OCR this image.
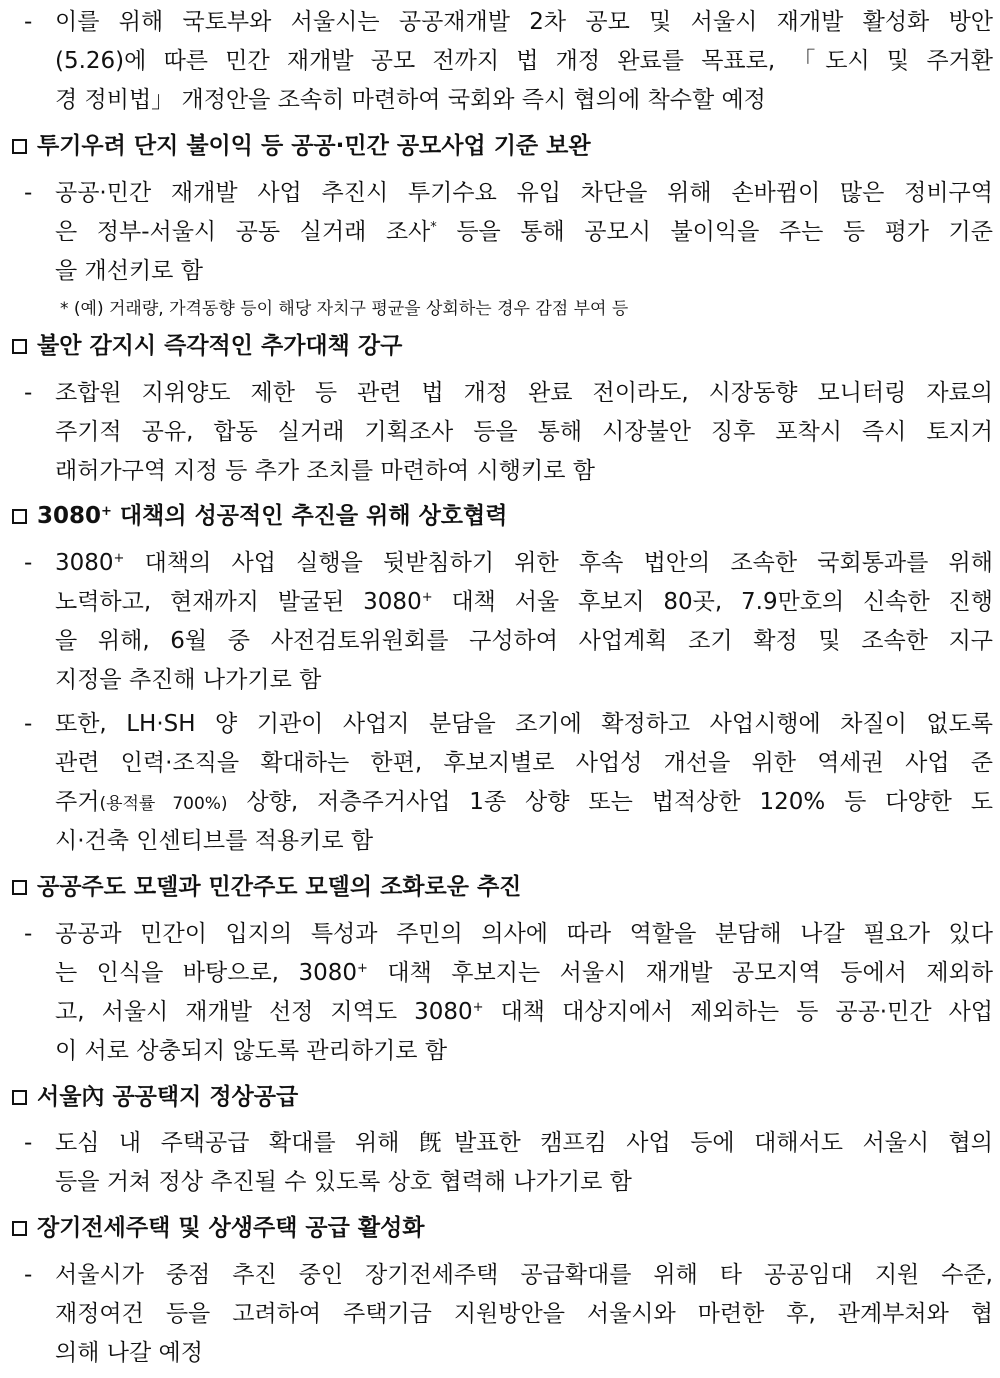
- 이를 위해 국토부와 서울시는 공공재개발 2차 공모 및 서울시 재개발 활성화 방안
(5.26)에 따른 민간 재개발 공모 전까지 법 개정 완료를 목표로, 「도시 및 주거환
경 정비법」 개정안을 조속히 마련하여 국회와 즉시 협의에 착수할 예정
투기우려 단지 불이익 등 공공·민간 공모사업 기준 보완
- 공공·민간 재개발 사업 추진시 투기수요 유입 차단을 위해 손바뀜이 많은 정비구역
은 정부-서울시 공동 실거래 조사* 등을 통해 공모시 불이익을 주는 등 평가 기준
을 개선키로 함
* (예) 거래량, 가격동향 등이 해당 자치구 평균을 상회하는 경우 감점 부여 등
불안 감지시 즉각적인 추가대책 강구
- 조합원 지위양도 제한 등 관련 법 개정 완료 전이라도, 시장동향 모니터링 자료의
주기적 공유, 합동 실거래 기획조사 등을 통해 시장불안 징후 포착시 즉시 토지거
래허가구역 지정 등 추가 조치를 마련하여 시행키로 함
3080+ 대책의 성공적인 추진을 위해 상호협력
- 3080+ 대책의 사업 실행을 뒷받침하기 위한 후속 법안의 조속한 국회통과를 위해
노력하고, 현재까지 발굴된 3080+ 대책 서울 후보지 80곳, 7.9만호의 신속한 진행
을 위해, 6월 중 사전검토위원회를 구성하여 사업계획 조기 확정 및 조속한 지구
지정을 추진해 나가기로 함
- 또한, LH·SH 양 기관이 사업지 분담을 조기에 확정하고 사업시행에 차질이 없도록
관련 인력·조직을 확대하는 한편, 후보지별로 사업성 개선을 위한 역세권 사업 준
주거(용적률 700%) 상향, 저층주거사업 1종 상향 또는 법적상한 120% 등 다양한 도
시·건축 인센티브를 적용키로 함
공공주도 모델과 민간주도 모델의 조화로운 추진
- 공공과 민간이 입지의 특성과 주민의 의사에 따라 역할을 분담해 나갈 필요가 있다
는 인식을 바탕으로, 3080+ 대책 후보지는 서울시 재개발 공모지역 등에서 제외하
고, 서울시 재개발 선정 지역도 3080+ 대책 대상지에서 제외하는 등 공공·민간 사업
이 서로 상충되지 않도록 관리하기로 함
서울內 공공택지 정상공급
- 도심 내 주택공급 확대를 위해 旣발표한 캠프킴 사업 등에 대해서도 서울시 협의
등을 거쳐 정상 추진될 수 있도록 상호 협력해 나가기로 함
장기전세주택 및 상생주택 공급 활성화
- 서울시가 중점 추진 중인 장기전세주택 공급확대를 위해 타 공공임대 지원 수준,
재정여건 등을 고려하여 주택기금 지원방안을 서울시와 마련한 후, 관계부처와 협
의해 나갈 예정
